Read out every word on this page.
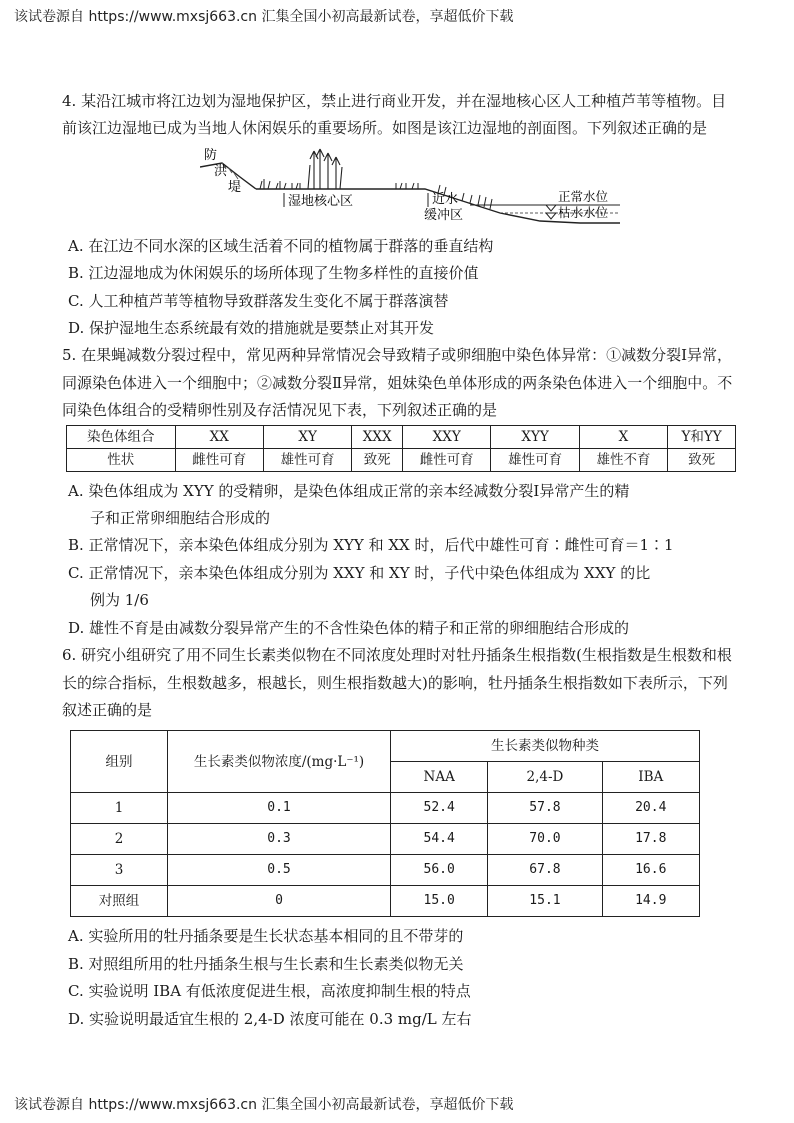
该试卷源自 https://www.mxsj663.cn 汇集全国小初高最新试卷，享超低价下载
4. 某沿江城市将江边划为湿地保护区，禁止进行商业开发，并在湿地核心区人工种植芦苇等植物。目前该江边湿地已成为当地人休闲娱乐的重要场所。如图是该江边湿地的剖面图。下列叙述正确的是
防
洪
堤
湿地核心区	近水
缓冲区
正常水位
枯水水位
A. 在江边不同水深的区域生活着不同的植物属于群落的垂直结构
B. 江边湿地成为休闲娱乐的场所体现了生物多样性的直接价值
C. 人工种植芦苇等植物导致群落发生变化不属于群落演替
D. 保护湿地生态系统最有效的措施就是要禁止对其开发
5. 在果蝇减数分裂过程中，常见两种异常情况会导致精子或卵细胞中染色体异常：①减数分裂Ⅰ异常，同源染色体进入一个细胞中；②减数分裂Ⅱ异常，姐妹染色单体形成的两条染色体进入一个细胞中。不同染色体组合的受精卵性别及存活情况见下表，下列叙述正确的是
染色体组合	XX	XY	XXX	XXY	XYY	X	Y和YY
性状	雌性可育	雄性可育	致死	雌性可育	雄性可育	雄性不育	致死
A. 染色体组成为 XYY 的受精卵，是染色体组成正常的亲本经减数分裂Ⅰ异常产生的精
子和正常卵细胞结合形成的
B. 正常情况下，亲本染色体组成分别为 XYY 和 XX 时，后代中雄性可育∶雌性可育＝1∶1
C. 正常情况下，亲本染色体组成分别为 XXY 和 XY 时，子代中染色体组成为 XXY 的比
例为 1/6
D. 雄性不育是由减数分裂异常产生的不含性染色体的精子和正常的卵细胞结合形成的
6. 研究小组研究了用不同生长素类似物在不同浓度处理时对牡丹插条生根指数(生根指数是生根数和根长的综合指标，生根数越多，根越长，则生根指数越大)的影响，牡丹插条生根指数如下表所示，下列叙述正确的是
组别	生长素类似物浓度/(mg·L⁻¹)	生长素类似物种类		
		NAA	2,4-D	IBA
1	0.1	52.4	57.8	20.4
2	0.3	54.4	70.0	17.8
3	0.5	56.0	67.8	16.6
对照组	0	15.0	15.1	14.9
A. 实验所用的牡丹插条要是生长状态基本相同的且不带芽的
B. 对照组所用的牡丹插条生根与生长素和生长素类似物无关
C. 实验说明 IBA 有低浓度促进生根，高浓度抑制生根的特点
D. 实验说明最适宜生根的 2,4-D 浓度可能在 0.3 mg/L 左右
该试卷源自 https://www.mxsj663.cn 汇集全国小初高最新试卷，享超低价下载
